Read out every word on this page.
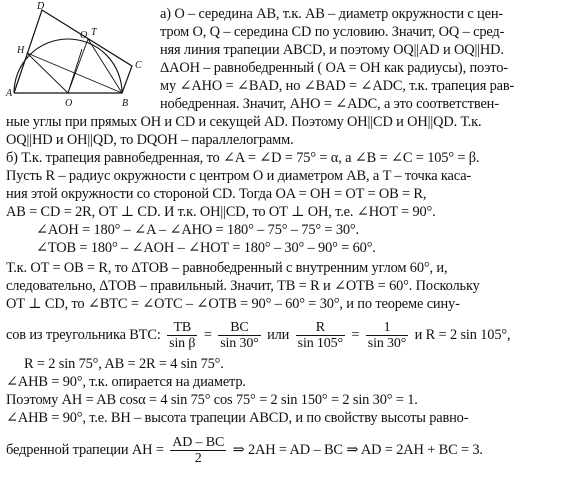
D
O T
C
H
A
O	B
а) O – середина AB, т.к. AB – диаметр окружности с цен-
тром O, Q – середина CD по условию. Значит, OQ – сред-
няя линия трапеции ABCD, и поэтому OQ||AD и OQ||HD.
ΔAOH – равнобедренный ( OA = OH как радиусы), поэто-
му ∠AHO = ∠BAD, но ∠BAD = ∠ADC, т.к. трапеция рав-
нобедренная. Значит, AHO = ∠ADC, а это соответствен-
ные углы при прямых OH и CD и секущей AD. Поэтому OH||CD и OH||QD. Т.к.
OQ||HD и OH||QD, то DQOH – параллелограмм.
б) Т.к. трапеция равнобедренная, то ∠A = ∠D = 75° = α, а ∠B = ∠C = 105° = β.
Пусть R – радиус окружности с центром O и диаметром AB, а T – точка каса-
ния этой окружности со стороной CD. Тогда OA = OH = OT = OB = R,
AB = CD = 2R, OT ⊥ CD. И т.к. OH||CD, то OT ⊥ OH, т.е. ∠HOT = 90°.
∠AOH = 180° – ∠A – ∠AHO = 180° – 75° – 75° = 30°.
∠TOB = 180° – ∠AOH – ∠HOT = 180° – 30° – 90° = 60°.
Т.к. OT = OB = R, то ΔTOB – равнобедренный с внутренним углом 60°, и,
следовательно, ΔTOB – правильный. Значит, TB = R и ∠OTB = 60°. Поскольку
OT ⊥ CD, то ∠BTC = ∠OTC – ∠OTB = 90° – 60° = 30°, и по теореме сину-
сов из треугольника BTC: $\frac{TB}{\text{sin β}} = \frac{BC}{\sin 30^\circ}$ или $\frac{R}{\sin 105^\circ} = \frac{1}{\sin 30^\circ}$ и R = 2 sin 105°,
R = 2 sin 75°, AB = 2R = 4 sin 75°.
∠AHB = 90°, т.к. опирается на диаметр.
Поэтому AH = AB cosα = 4 sin 75° cos 75° = 2 sin 150° = 2 sin 30° = 1.
∠AHB = 90°, т.е. BH – высота трапеции ABCD, и по свойству высоты равно-
бедренной трапеции AH = $\frac{AD - BC}{2}$ ⇒ 2AH = AD – BC ⇒ AD = 2AH + BC = 3.
